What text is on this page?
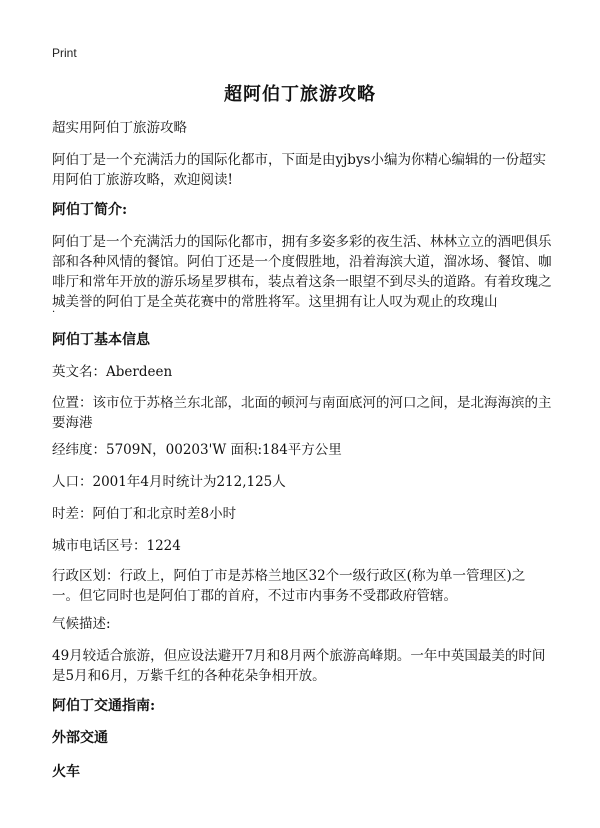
Print
超阿伯丁旅游攻略
超实用阿伯丁旅游攻略
阿伯丁是一个充满活力的国际化都市，下面是由yjbys小编为你精心编辑的一份超实用阿伯丁旅游攻略，欢迎阅读!
阿伯丁简介:
阿伯丁是一个充满活力的国际化都市，拥有多姿多彩的夜生活、林林立立的酒吧俱乐部和各种风情的餐馆。阿伯丁还是一个度假胜地，沿着海滨大道，溜冰场、餐馆、咖啡厅和常年开放的游乐场星罗棋布，装点着这条一眼望不到尽头的道路。有着玫瑰之城美誉的阿伯丁是全英花赛中的常胜将军。这里拥有让人叹为观止的玫瑰山
·
阿伯丁基本信息
英文名：Aberdeen
位置：该市位于苏格兰东北部，北面的顿河与南面底河的河口之间，是北海海滨的主要海港
经纬度：5709N，00203'W 面积:184平方公里
人口：2001年4月时统计为212,125人
时差：阿伯丁和北京时差8小时
城市电话区号：1224
行政区划：行政上，阿伯丁市是苏格兰地区32个一级行政区(称为单一管理区)之一。但它同时也是阿伯丁郡的首府，不过市内事务不受郡政府管辖。
气候描述:
49月较适合旅游，但应设法避开7月和8月两个旅游高峰期。一年中英国最美的时间是5月和6月，万紫千红的各种花朵争相开放。
阿伯丁交通指南:
外部交通
火车
